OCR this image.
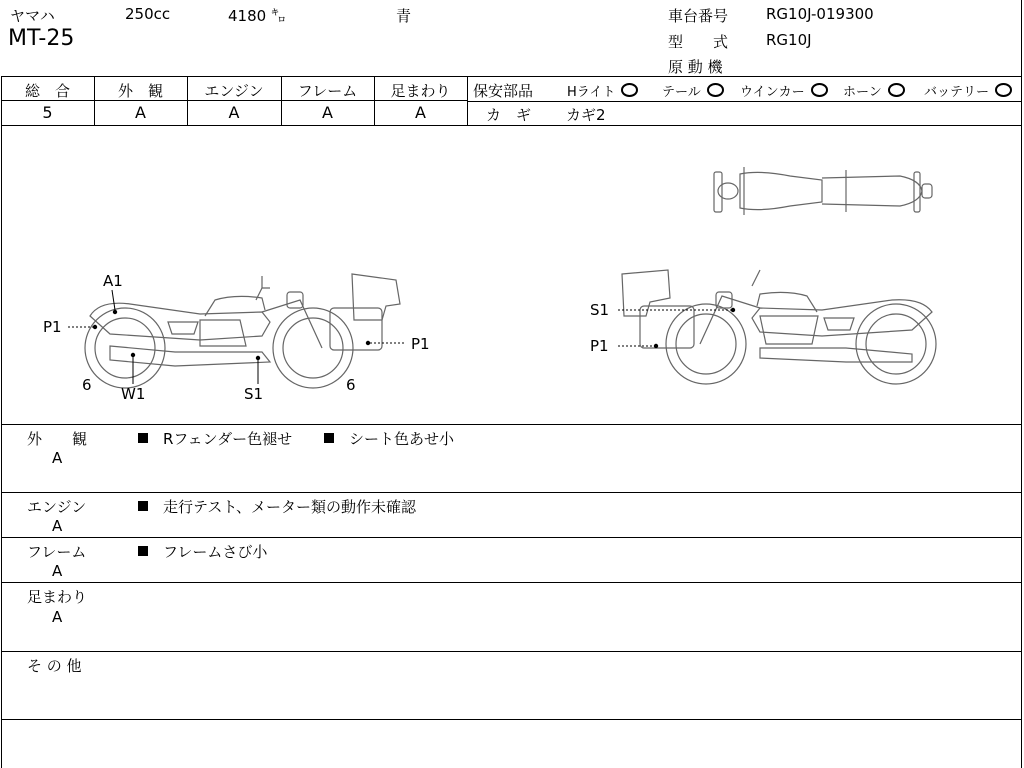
ヤマハ	250cc	4180 ㌔	青
MT-25
車台番号	RG10J-019300
型　　式	RG10J
原 動 機
総　合	外　観	エンジン	フレーム	足まわり
5	A	A	A	A
保安部品	Hライト	テール	ウインカー	ホーン	バッテリー
カ　ギ カギ2
A1
P1
P1
W1	S1
6	6
S1
P1
外　　観
A
Rフェンダー色褪せ	シート色あせ小
エンジン
A
走行テスト、メーター類の動作未確認
フレーム
A
フレームさび小
足まわり
A
そ の 他
